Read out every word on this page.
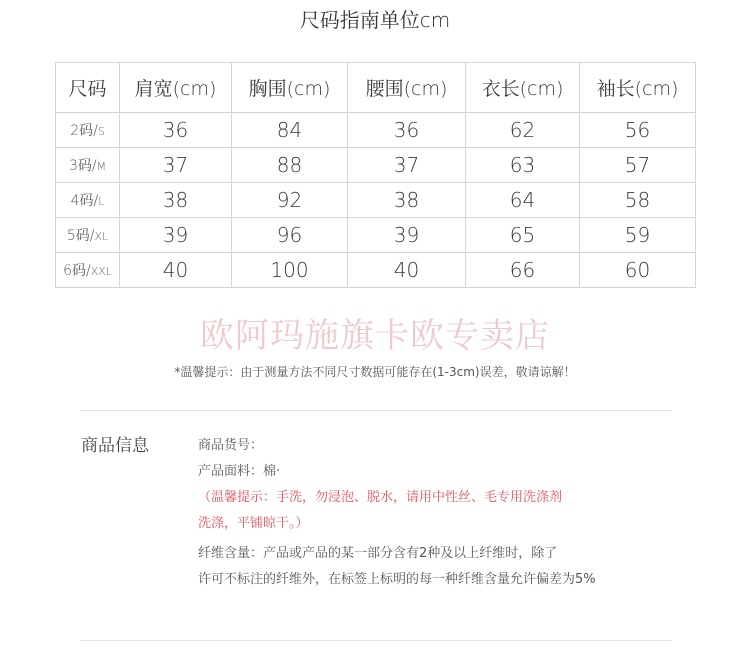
尺码指南单位cm
尺码	肩宽(cm)	胸围(cm)	腰围(cm)	衣长(cm)	袖长(cm)
2码/S	36	84	36	62	56
3码/M	37	88	37	63	57
4码/L	38	92	38	64	58
5码/XL	39	96	39	65	59
6码/XXL	40	100	40	66	60
欧阿玛施旗卡欧专卖店
*温馨提示：由于测量方法不同尺寸数据可能存在(1-3cm)误差，敬请谅解！
商品信息	商品货号：

产品面料：棉·

（温馨提示：手洗，勿浸泡、脱水，请用中性丝、毛专用洗涤剂

洗涤，平铺晾干。）

纤维含量：产品或产品的某一部分含有2种及以上纤维时，除了

许可不标注的纤维外，在标签上标明的每一种纤维含量允许偏差为5%
